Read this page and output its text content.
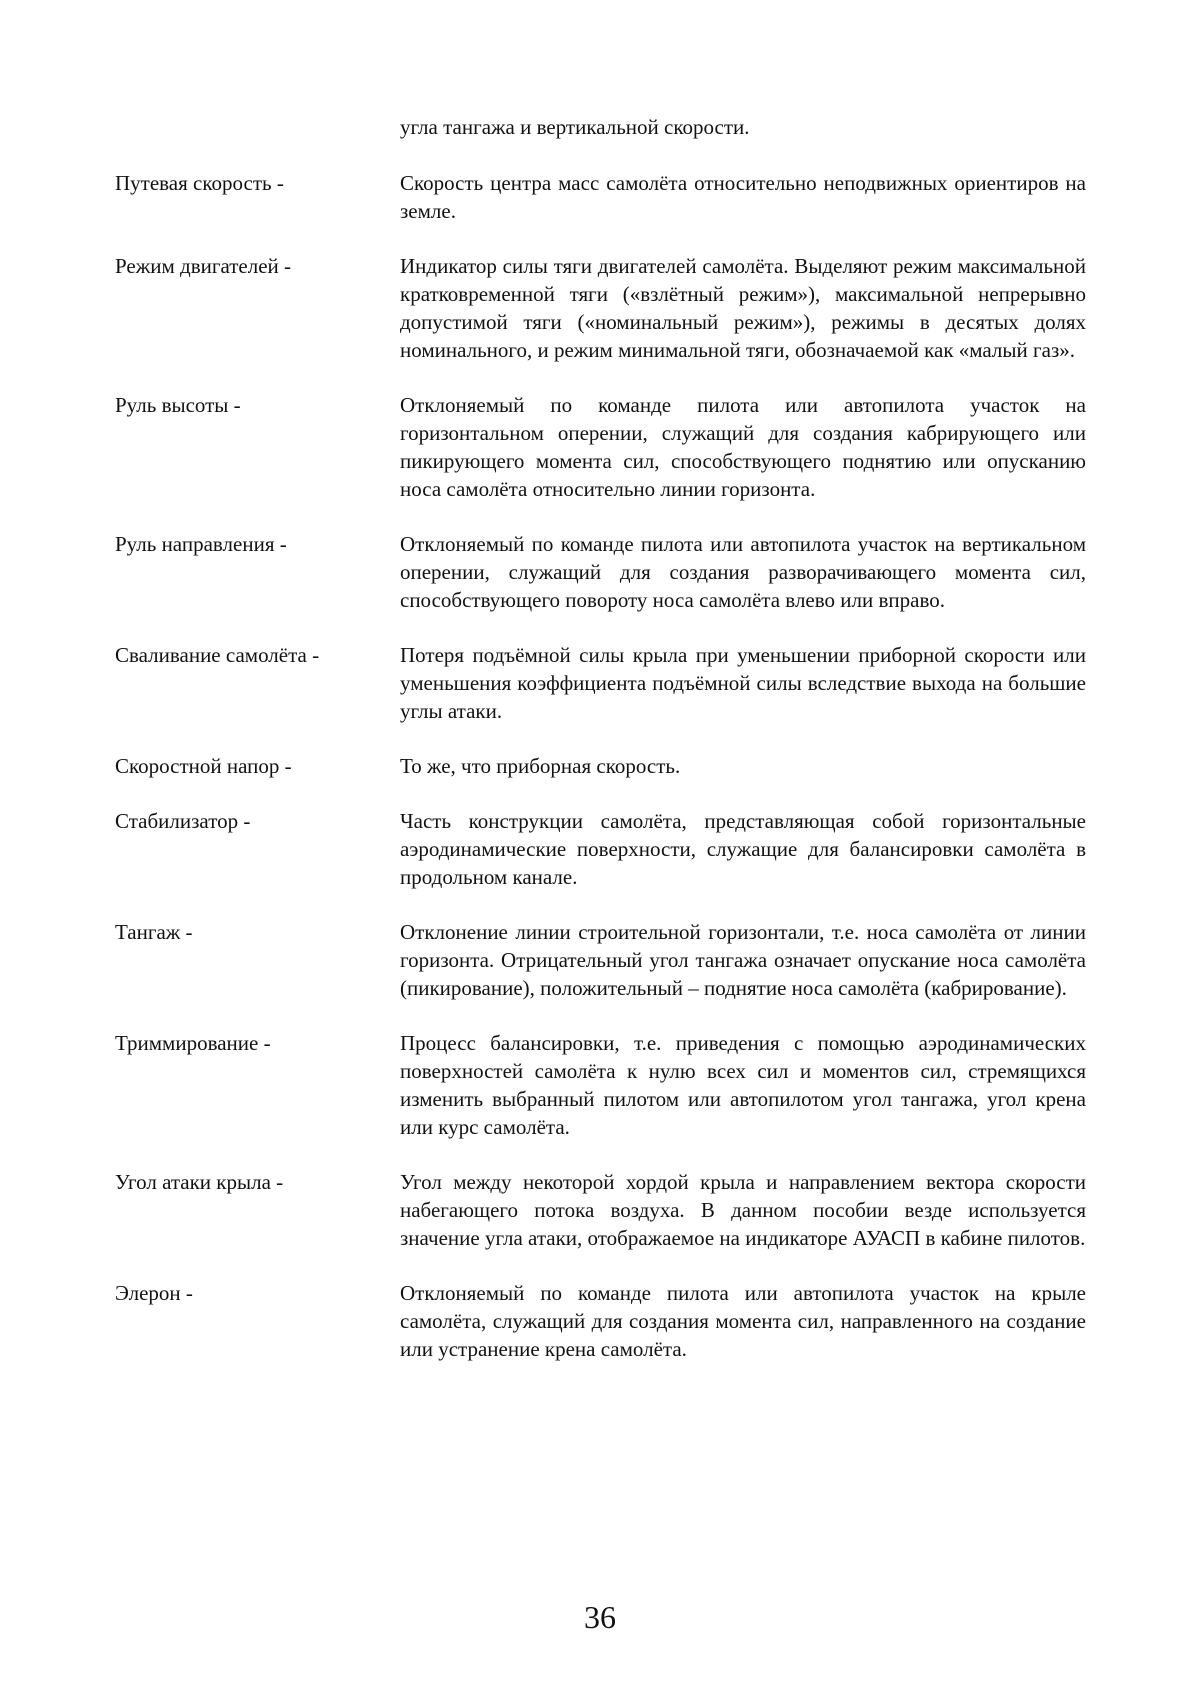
угла тангажа и вертикальной скорости.
Путевая скорость -	Скорость центра масс самолёта относительно неподвижных ориентиров на земле.
Режим двигателей -	Индикатор силы тяги двигателей самолёта. Выделяют режим максимальной кратковременной тяги («взлётный режим»), максимальной непрерывно допустимой тяги («номинальный режим»), режимы в десятых долях номинального, и режим минимальной тяги, обозначаемой как «малый газ».
Руль высоты -	Отклоняемый по команде пилота или автопилота участок на горизонтальном оперении, служащий для создания кабрирующего или пикирующего момента сил, способствующего поднятию или опусканию носа самолёта относительно линии горизонта.
Руль направления -	Отклоняемый по команде пилота или автопилота участок на вертикальном оперении, служащий для создания разворачивающего момента сил, способствующего повороту носа самолёта влево или вправо.
Сваливание самолёта -	Потеря подъёмной силы крыла при уменьшении приборной скорости или уменьшения коэффициента подъёмной силы вследствие выхода на большие углы атаки.
Скоростной напор -	То же, что приборная скорость.
Стабилизатор -	Часть конструкции самолёта, представляющая собой горизонтальные аэродинамические поверхности, служащие для балансировки самолёта в продольном канале.
Тангаж -	Отклонение линии строительной горизонтали, т.е. носа самолёта от линии горизонта. Отрицательный угол тангажа означает опускание носа самолёта (пикирование), положительный – поднятие носа самолёта (кабрирование).
Триммирование -	Процесс балансировки, т.е. приведения с помощью аэродинамических поверхностей самолёта к нулю всех сил и моментов сил, стремящихся изменить выбранный пилотом или автопилотом угол тангажа, угол крена или курс самолёта.
Угол атаки крыла -	Угол между некоторой хордой крыла и направлением вектора скорости набегающего потока воздуха. В данном пособии везде используется значение угла атаки, отображаемое на индикаторе АУАСП в кабине пилотов.
Элерон -	Отклоняемый по команде пилота или автопилота участок на крыле самолёта, служащий для создания момента сил, направленного на создание или устранение крена самолёта.
36
